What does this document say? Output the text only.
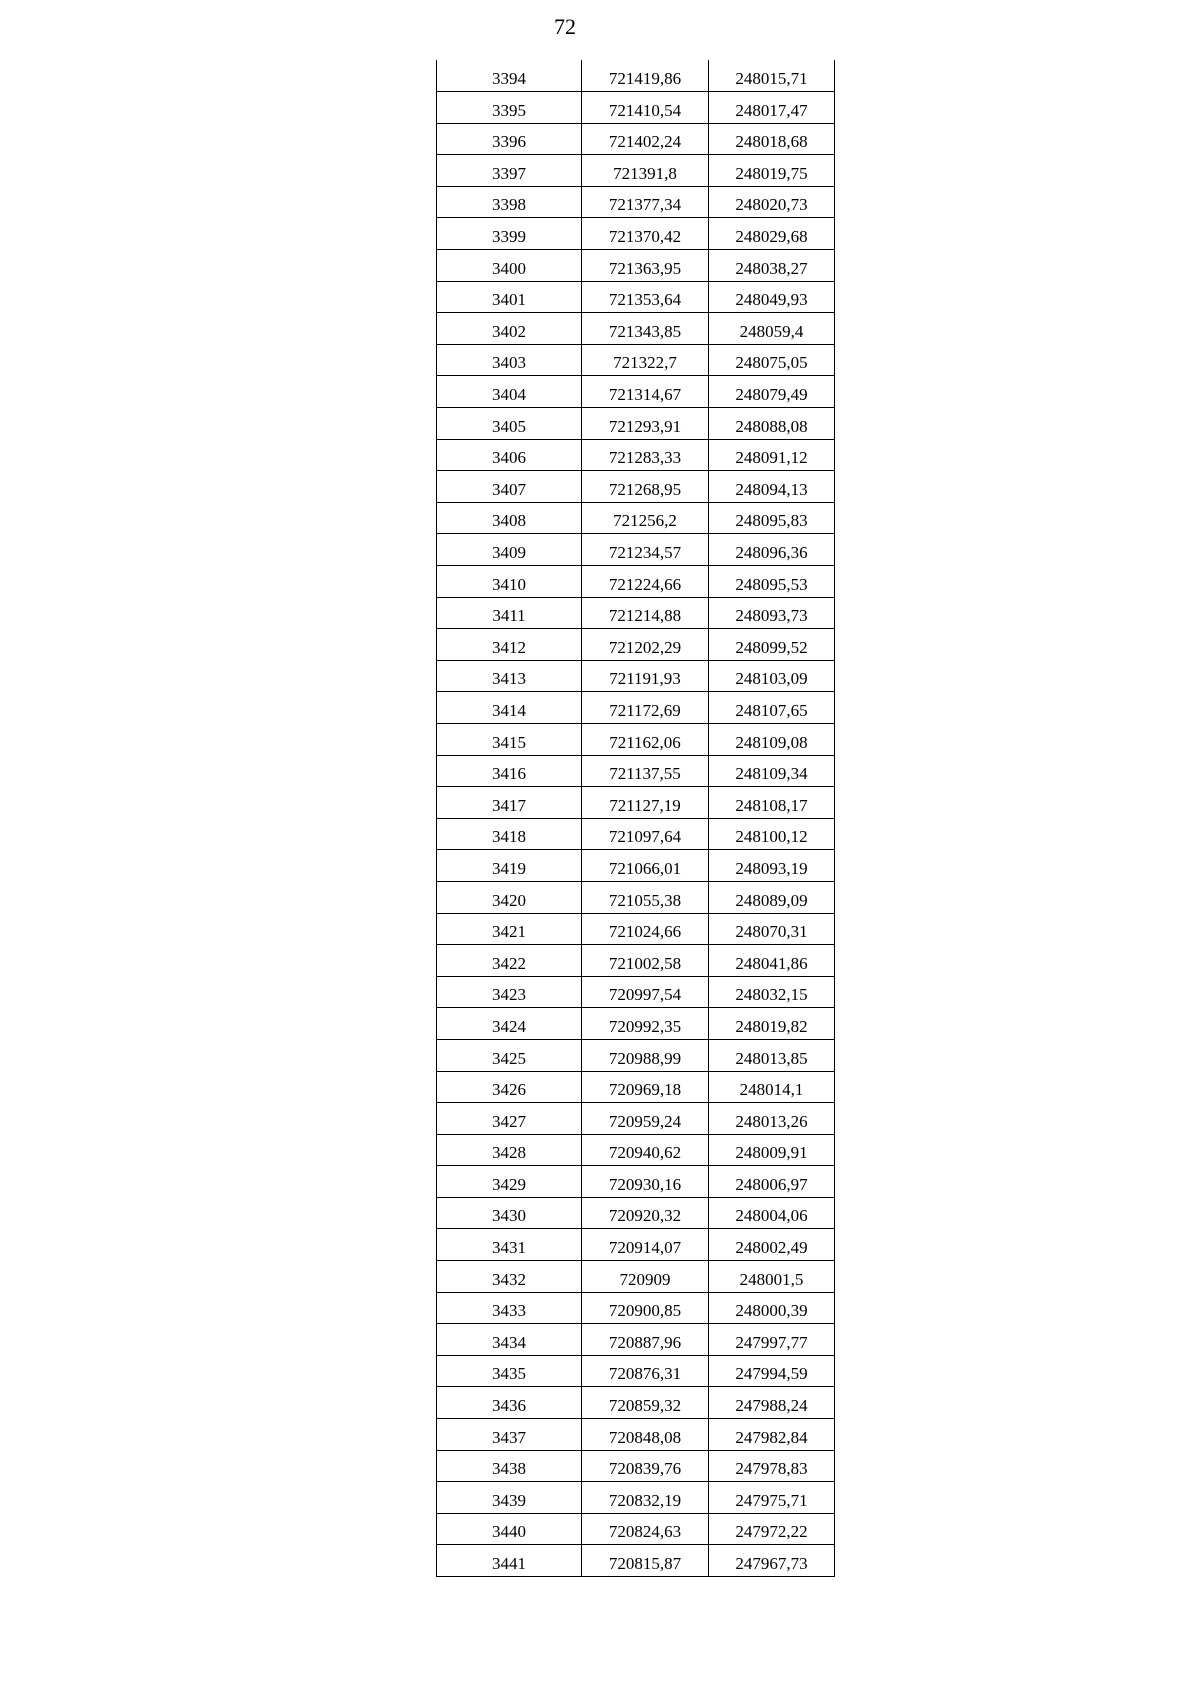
72
3394	721419,86	248015,71
3395	721410,54	248017,47
3396	721402,24	248018,68
3397	721391,8	248019,75
3398	721377,34	248020,73
3399	721370,42	248029,68
3400	721363,95	248038,27
3401	721353,64	248049,93
3402	721343,85	248059,4
3403	721322,7	248075,05
3404	721314,67	248079,49
3405	721293,91	248088,08
3406	721283,33	248091,12
3407	721268,95	248094,13
3408	721256,2	248095,83
3409	721234,57	248096,36
3410	721224,66	248095,53
3411	721214,88	248093,73
3412	721202,29	248099,52
3413	721191,93	248103,09
3414	721172,69	248107,65
3415	721162,06	248109,08
3416	721137,55	248109,34
3417	721127,19	248108,17
3418	721097,64	248100,12
3419	721066,01	248093,19
3420	721055,38	248089,09
3421	721024,66	248070,31
3422	721002,58	248041,86
3423	720997,54	248032,15
3424	720992,35	248019,82
3425	720988,99	248013,85
3426	720969,18	248014,1
3427	720959,24	248013,26
3428	720940,62	248009,91
3429	720930,16	248006,97
3430	720920,32	248004,06
3431	720914,07	248002,49
3432	720909	248001,5
3433	720900,85	248000,39
3434	720887,96	247997,77
3435	720876,31	247994,59
3436	720859,32	247988,24
3437	720848,08	247982,84
3438	720839,76	247978,83
3439	720832,19	247975,71
3440	720824,63	247972,22
3441	720815,87	247967,73
